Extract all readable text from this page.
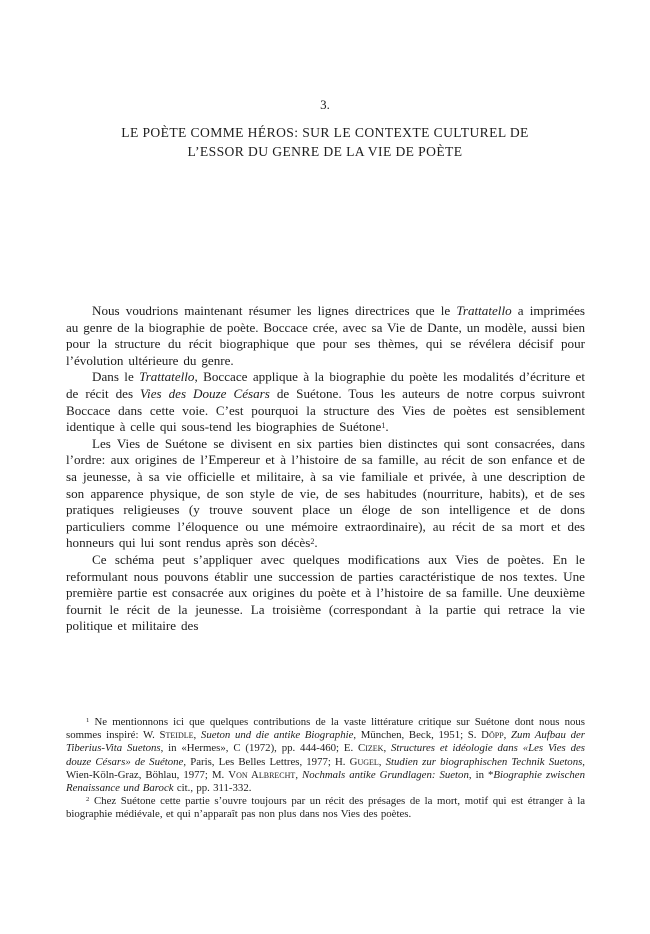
3.
LE POÈTE COMME HÉROS: SUR LE CONTEXTE CULTUREL DE
L’ESSOR DU GENRE DE LA VIE DE POÈTE

Nous voudrions maintenant résumer les lignes directrices que le Trattatello a imprimées au genre de la biographie de poète. Boccace crée, avec sa Vie de Dante, un modèle, aussi bien pour la structure du récit biographique que pour ses thèmes, qui se révélera décisif pour l’évolution ultérieure du genre.

Dans le Trattatello, Boccace applique à la biographie du poète les modalités d’écriture et de récit des Vies des Douze Césars de Suétone. Tous les auteurs de notre corpus suivront Boccace dans cette voie. C’est pourquoi la structure des Vies de poètes est sensiblement identique à celle qui sous-tend les biographies de Suétone$^1$.

Les Vies de Suétone se divisent en six parties bien distinctes qui sont consacrées, dans l’ordre: aux origines de l’Empereur et à l’histoire de sa famille, au récit de son enfance et de sa jeunesse, à sa vie officielle et militaire, à sa vie familiale et privée, à une description de son apparence physique, de son style de vie, de ses habitudes (nourriture, habits), et de ses pratiques religieuses (y trouve souvent place un éloge de son intelligence et de dons particuliers comme l’éloquence ou une mémoire extraordinaire), au récit de sa mort et des honneurs qui lui sont rendus après son décès$^2$.

Ce schéma peut s’appliquer avec quelques modifications aux Vies de poètes. En le reformulant nous pouvons établir une succession de parties caractéristique de nos textes. Une première partie est consacrée aux origines du poète et à l’histoire de sa famille. Une deuxième fournit le récit de la jeunesse. La troisième (correspondant à la partie qui retrace la vie politique et militaire des

$^1$ Ne mentionnons ici que quelques contributions de la vaste littérature critique sur Suétone dont nous nous sommes inspiré: W. Steidle, Sueton und die antike Biographie, München, Beck, 1951; S. Döpp, Zum Aufbau der Tiberius-Vita Suetons, in «Hermes», C (1972), pp. 444-460; E. Cizek, Structures et idéologie dans «Les Vies des douze Césars» de Suétone, Paris, Les Belles Lettres, 1977; H. Gugel, Studien zur biographischen Technik Suetons, Wien-Köln-Graz, Böhlau, 1977; M. Von Albrecht, Nochmals antike Grundlagen: Sueton, in *Biographie zwischen Renaissance und Barock cit., pp. 311-332.

$^2$ Chez Suétone cette partie s’ouvre toujours par un récit des présages de la mort, motif qui est étranger à la biographie médiévale, et qui n’apparaît pas non plus dans nos Vies des poètes.
